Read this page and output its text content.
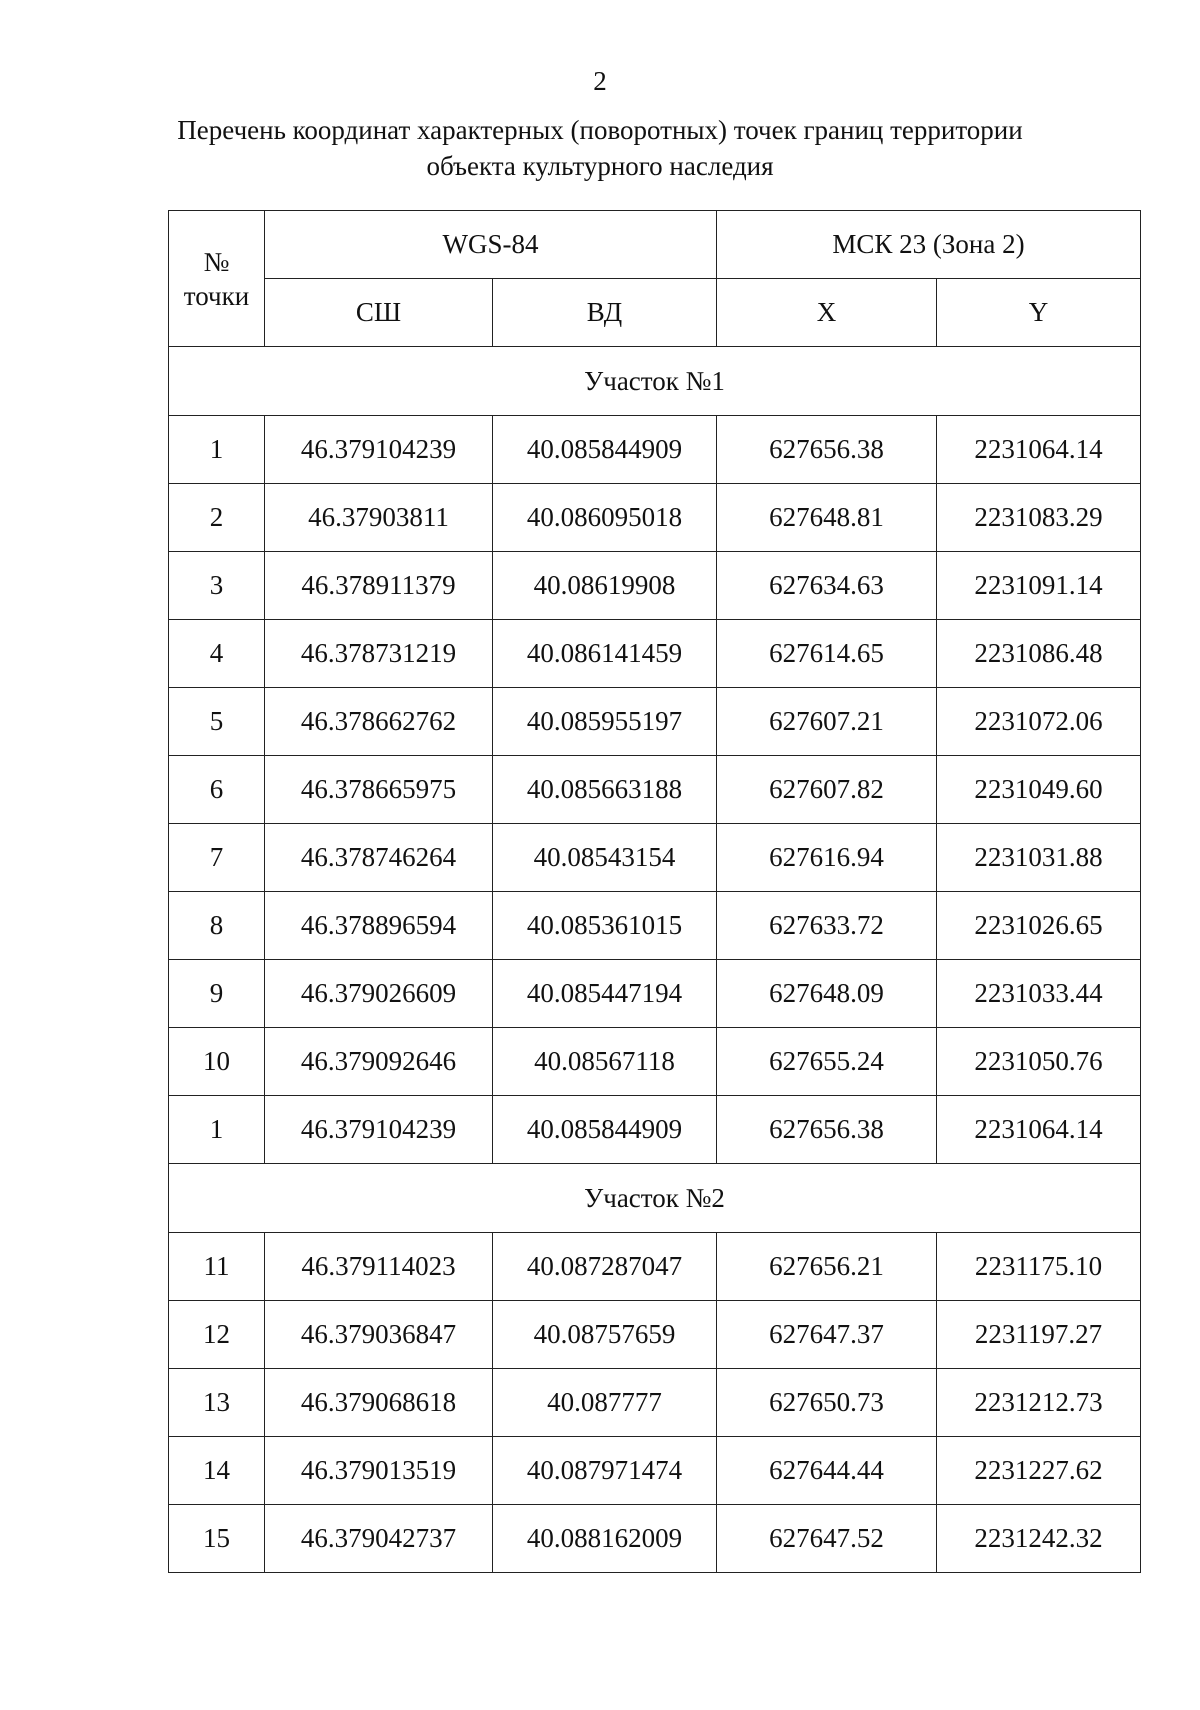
2
Перечень координат характерных (поворотных) точек границ территории
объекта культурного наследия
№
точки	WGS-84		МСК 23 (Зона 2)	
	СШ	ВД	X	Y
Участок №1				
1	46.379104239	40.085844909	627656.38	2231064.14
2	46.37903811	40.086095018	627648.81	2231083.29
3	46.378911379	40.08619908	627634.63	2231091.14
4	46.378731219	40.086141459	627614.65	2231086.48
5	46.378662762	40.085955197	627607.21	2231072.06
6	46.378665975	40.085663188	627607.82	2231049.60
7	46.378746264	40.08543154	627616.94	2231031.88
8	46.378896594	40.085361015	627633.72	2231026.65
9	46.379026609	40.085447194	627648.09	2231033.44
10	46.379092646	40.08567118	627655.24	2231050.76
1	46.379104239	40.085844909	627656.38	2231064.14
Участок №2				
11	46.379114023	40.087287047	627656.21	2231175.10
12	46.379036847	40.08757659	627647.37	2231197.27
13	46.379068618	40.087777	627650.73	2231212.73
14	46.379013519	40.087971474	627644.44	2231227.62
15	46.379042737	40.088162009	627647.52	2231242.32
